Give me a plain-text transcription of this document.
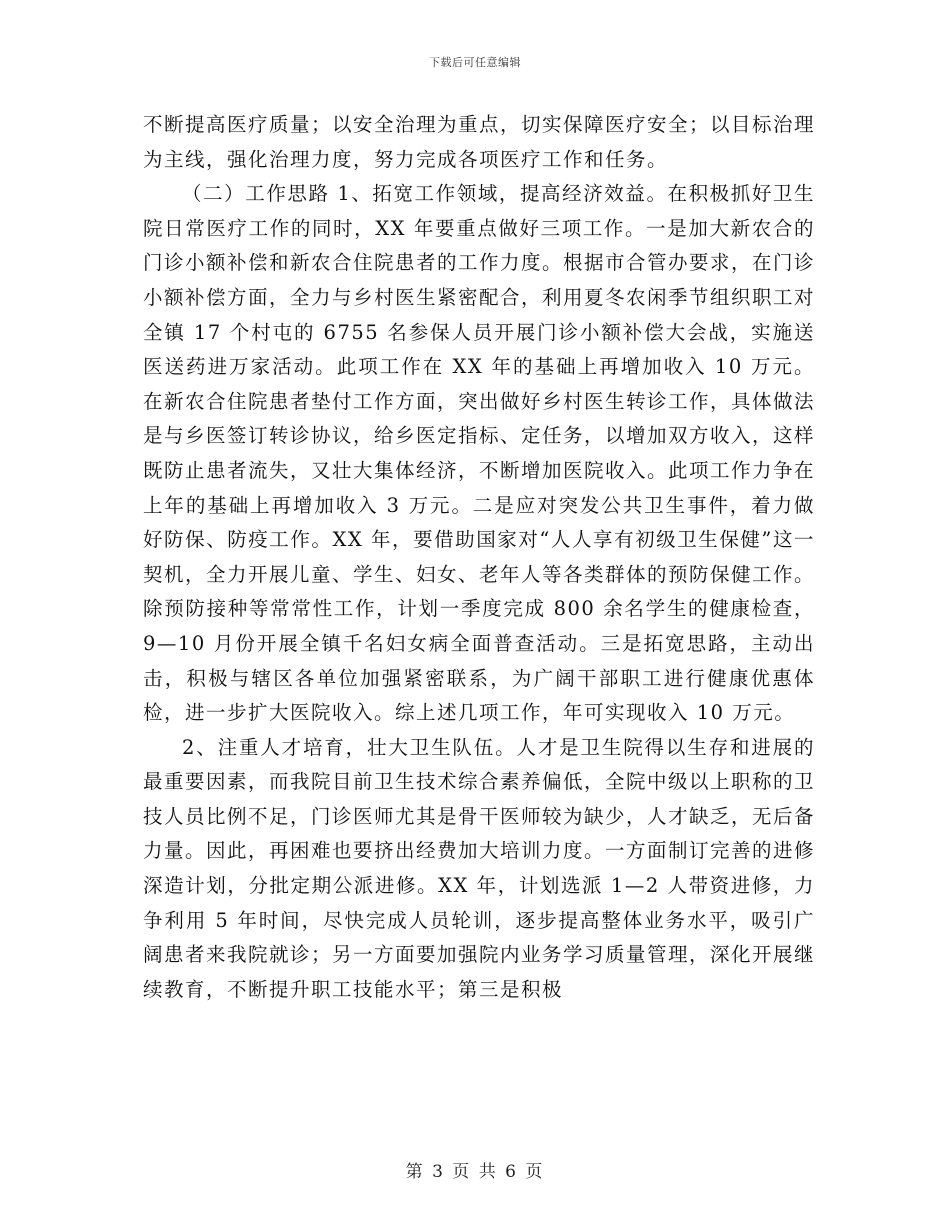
下载后可任意编辑

不断提高医疗质量；以安全治理为重点，切实保障医疗安全；以目标治理为主线，强化治理力度，努力完成各项医疗工作和任务。

（二）工作思路 1、拓宽工作领域，提高经济效益。在积极抓好卫生院日常医疗工作的同时，XX 年要重点做好三项工作。一是加大新农合的门诊小额补偿和新农合住院患者的工作力度。根据市合管办要求，在门诊小额补偿方面，全力与乡村医生紧密配合，利用夏冬农闲季节组织职工对全镇 17 个村屯的 6755 名参保人员开展门诊小额补偿大会战，实施送医送药进万家活动。此项工作在 XX 年的基础上再增加收入 10 万元。在新农合住院患者垫付工作方面，突出做好乡村医生转诊工作，具体做法是与乡医签订转诊协议，给乡医定指标、定任务，以增加双方收入，这样既防止患者流失，又壮大集体经济，不断增加医院收入。此项工作力争在上年的基础上再增加收入 3 万元。二是应对突发公共卫生事件，着力做好防保、防疫工作。XX 年，要借助国家对“人人享有初级卫生保健”这一契机，全力开展儿童、学生、妇女、老年人等各类群体的预防保健工作。除预防接种等常常性工作，计划一季度完成 800 余名学生的健康检查，9—10 月份开展全镇千名妇女病全面普查活动。三是拓宽思路，主动出击，积极与辖区各单位加强紧密联系，为广阔干部职工进行健康优惠体检，进一步扩大医院收入。综上述几项工作，年可实现收入 10 万元。

2、注重人才培育，壮大卫生队伍。人才是卫生院得以生存和进展的最重要因素，而我院目前卫生技术综合素养偏低，全院中级以上职称的卫技人员比例不足，门诊医师尤其是骨干医师较为缺少，人才缺乏，无后备力量。因此，再困难也要挤出经费加大培训力度。一方面制订完善的进修深造计划，分批定期公派进修。XX 年，计划选派 1—2 人带资进修，力争利用 5 年时间，尽快完成人员轮训，逐步提高整体业务水平，吸引广阔患者来我院就诊；另一方面要加强院内业务学习质量管理，深化开展继续教育，不断提升职工技能水平；第三是积极

第 3 页 共 6 页
